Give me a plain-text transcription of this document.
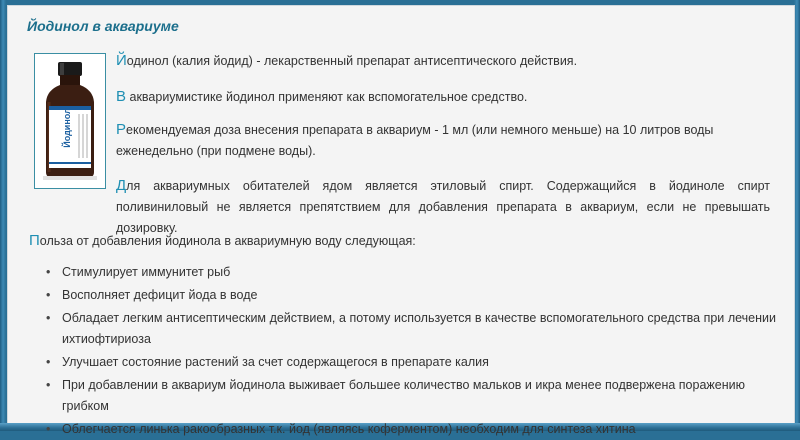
Йодинол в аквариуме
Йодинол

Йодинол (калия йодид) - лекарственный препарат антисептического действия.

В аквариумистике йодинол применяют как вспомогательное средство.

Рекомендуемая доза внесения препарата в аквариум - 1 мл (или немного меньше) на 10 литров воды еженедельно (при подмене воды).

Для аквариумных обитателей ядом является этиловый спирт. Содержащийся в йодиноле спирт поливиниловый не является препятствием для добавления препарата в аквариум, если не превышать дозировку.

Польза от добавления йодинола в аквариумную воду следующая:

• Стимулирует иммунитет рыб
• Восполняет дефицит йода в воде
• Обладает легким антисептическим действием, а потому используется в качестве вспомогательного средства при лечении ихтиофтириоза
• Улучшает состояние растений за счет содержащегося в препарате калия
• При добавлении в аквариум йодинола выживает большее количество мальков и икра менее подвержена поражению грибком
• Облегчается линька ракообразных т.к. йод (являясь коферментом) необходим для синтеза хитина
